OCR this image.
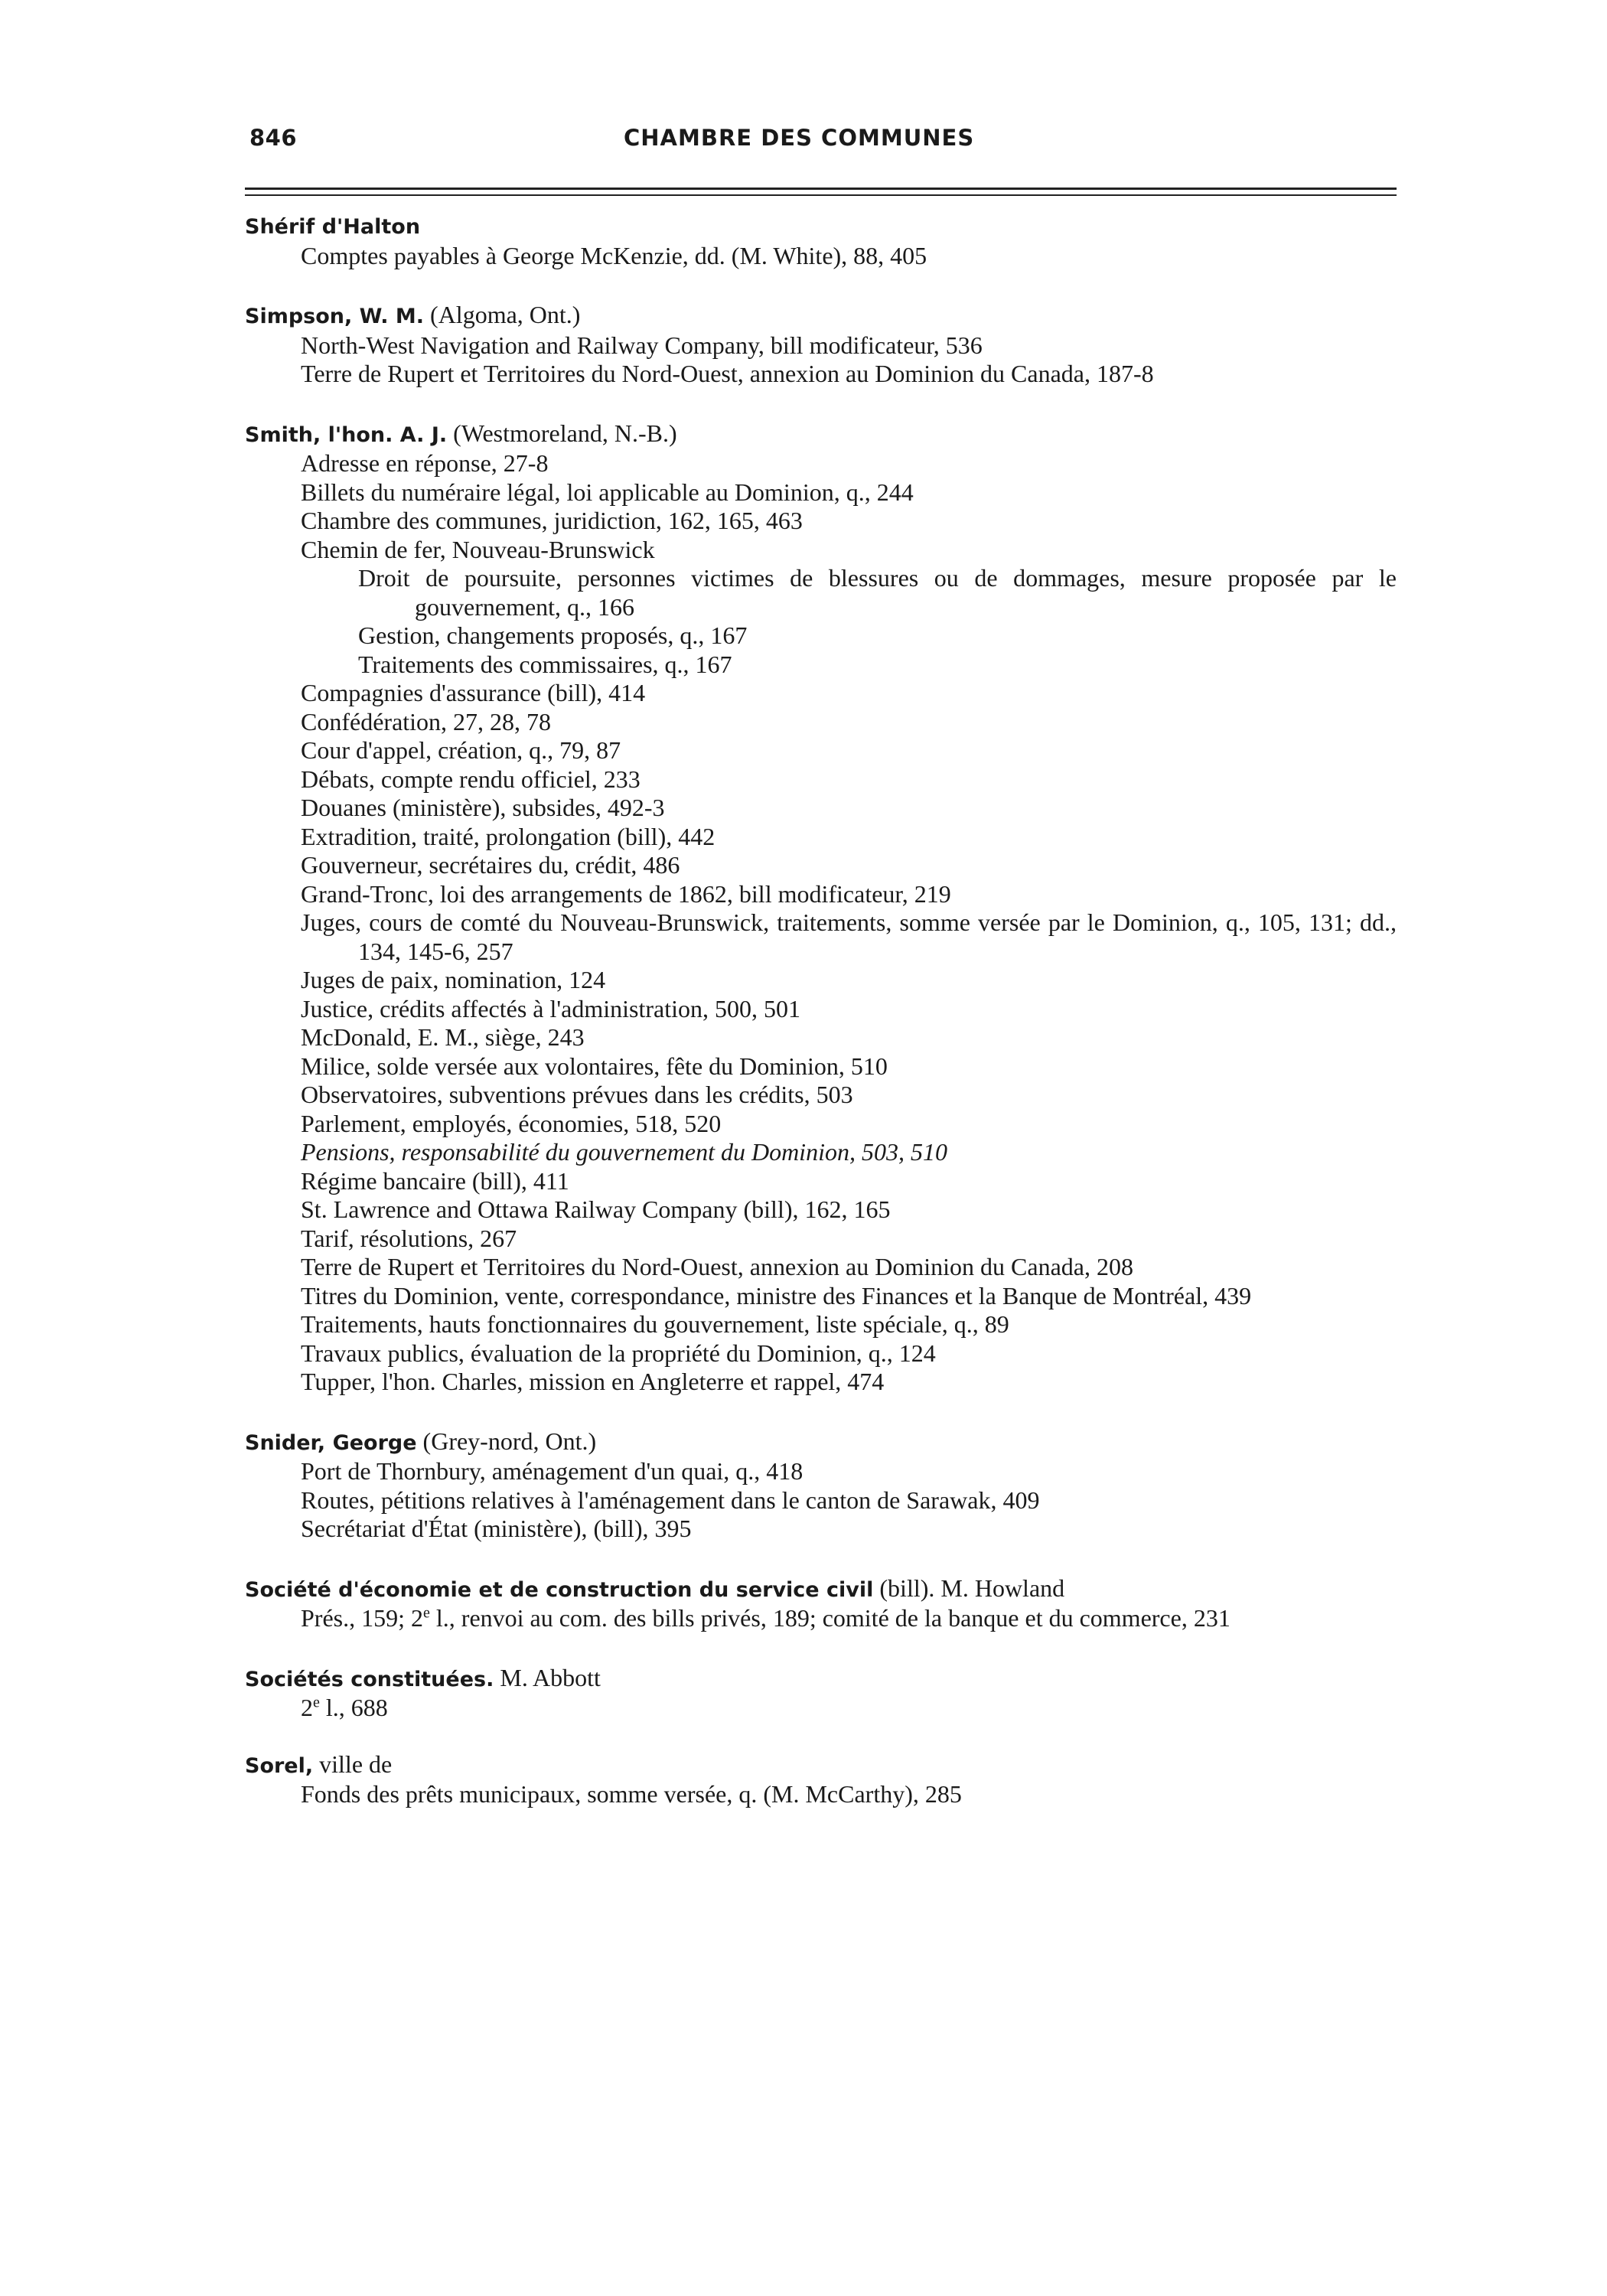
846	CHAMBRE DES COMMUNES
Shérif d'Halton
Comptes payables à George McKenzie, dd. (M. White), 88, 405
Simpson, W. M. (Algoma, Ont.)
North-West Navigation and Railway Company, bill modificateur, 536
Terre de Rupert et Territoires du Nord-Ouest, annexion au Dominion du Canada, 187-8
Smith, l'hon. A. J. (Westmoreland, N.-B.)
Adresse en réponse, 27-8
Billets du numéraire légal, loi applicable au Dominion, q., 244
Chambre des communes, juridiction, 162, 165, 463
Chemin de fer, Nouveau-Brunswick
Droit de poursuite, personnes victimes de blessures ou de dommages, mesure proposée par le gouvernement, q., 166
Gestion, changements proposés, q., 167
Traitements des commissaires, q., 167
Compagnies d'assurance (bill), 414
Confédération, 27, 28, 78
Cour d'appel, création, q., 79, 87
Débats, compte rendu officiel, 233
Douanes (ministère), subsides, 492-3
Extradition, traité, prolongation (bill), 442
Gouverneur, secrétaires du, crédit, 486
Grand-Tronc, loi des arrangements de 1862, bill modificateur, 219
Juges, cours de comté du Nouveau-Brunswick, traitements, somme versée par le Dominion, q., 105, 131; dd., 134, 145-6, 257
Juges de paix, nomination, 124
Justice, crédits affectés à l'administration, 500, 501
McDonald, E. M., siège, 243
Milice, solde versée aux volontaires, fête du Dominion, 510
Observatoires, subventions prévues dans les crédits, 503
Parlement, employés, économies, 518, 520
Pensions, responsabilité du gouvernement du Dominion, 503, 510
Régime bancaire (bill), 411
St. Lawrence and Ottawa Railway Company (bill), 162, 165
Tarif, résolutions, 267
Terre de Rupert et Territoires du Nord-Ouest, annexion au Dominion du Canada, 208
Titres du Dominion, vente, correspondance, ministre des Finances et la Banque de Montréal, 439
Traitements, hauts fonctionnaires du gouvernement, liste spéciale, q., 89
Travaux publics, évaluation de la propriété du Dominion, q., 124
Tupper, l'hon. Charles, mission en Angleterre et rappel, 474
Snider, George (Grey-nord, Ont.)
Port de Thornbury, aménagement d'un quai, q., 418
Routes, pétitions relatives à l'aménagement dans le canton de Sarawak, 409
Secrétariat d'État (ministère), (bill), 395
Société d'économie et de construction du service civil (bill). M. Howland
Prés., 159; 2e l., renvoi au com. des bills privés, 189; comité de la banque et du commerce, 231
Sociétés constituées. M. Abbott
2e l., 688
Sorel, ville de
Fonds des prêts municipaux, somme versée, q. (M. McCarthy), 285
